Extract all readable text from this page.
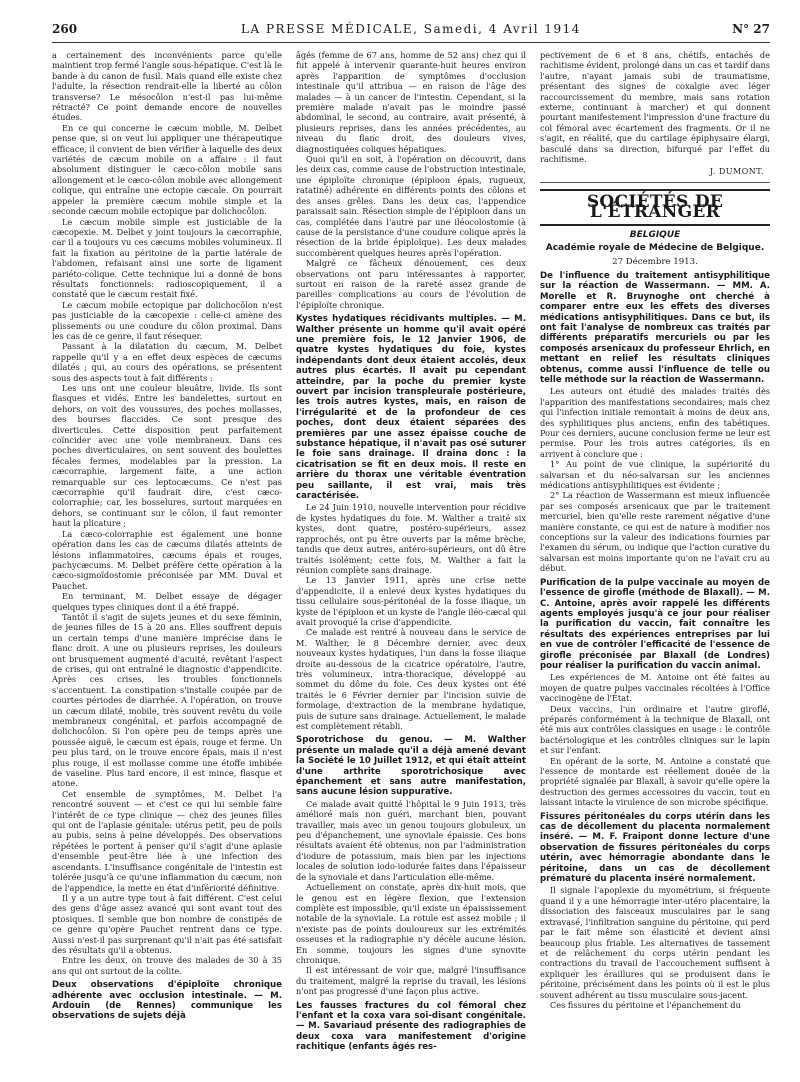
260	LA PRESSE MÉDICALE, Samedi, 4 Avril 1914	N° 27

a certainement des inconvénients parce qu'elle maintient trop fermé l'angle sous-hépatique. C'est là le bande à du canon de fusil. Mais quand elle existe chez l'adulte, la résection rendrait-elle la liberté au côlon transverse? Le mésocôlon n'est-il pas lui-même rétracté? Ce point demande encore de nouvelles études.

En ce qui concerne le cæcum mobile, M. Delbet pense que, si on veut lui appliquer une thérapeutique efficace, il convient de bien vérifier à laquelle des deux variétés de cæcum mobile on a affaire : il faut absolument distinguer le cæco-côlon mobile sans allongement et le cæco-côlon mobile avec allongement colique, qui entraîne une ectopie cæcale. On pourrait appeler la première cæcum mobile simple et la seconde cæcum mobile ectopique par dolichocôlon.

Le cæcum mobile simple est justiciable de la cæcopexie. M. Delbet y joint toujours la cæcorraphie, car il a toujours vu ces cæcums mobiles volumineux. Il fait la fixation au péritoine de la partie latérale de l'abdomen, refaisant ainsi une sorte de ligament pariéto-colique. Cette technique lui a donné de bons résultats fonctionnels: radioscopiquement, il a constaté que le cæcum restait fixé.

Le cæcum mobile ectopique par dolichocôlon n'est pas justiciable de la cæcopexie : celle-ci amène des plissements ou une coudure du côlon proximal. Dans les cas de ce genre, il faut résequer.

Passant à la dilatation du cæcum, M. Delbet rappelle qu'il y a en effet deux espèces de cæcums dilatés ; qui, au cours des opérations, se présentent sous des aspects tout à fait différents :

Les uns ont une couleur bleuâtre, livide. Ils sont flasques et vidés. Entre les bandelettes, surtout en dehors, on voit des voussures, des poches mollasses, des bourses flaccides. Ce sont presque des diverticules. Cette disposition peut parfaitement coïncider avec une voile membraneux. Dans ces poches diverticulaires, on sent souvent des boulettes fécales fermes, modelables par la pression. La cæcorraphie, largement faite, a une action remarquable sur ces leptocæcums. Ce n'est pas cæcorraphie qu'il faudrait dire, c'est cæco-colorraphie; car, les bosselures, surtout marquées en dehors, se continuant sur le côlon, il faut remonter haut la plicature ;

La cæco-colorraphie est également une bonne opération dans les cas de cæcums dilatés atteints de lésions inflammatoires, cæcums épais et rouges, pachycæcums. M. Delbet préfère cette opération à la cæco-sigmoïdostomie préconisée par MM. Duval et Pauchet.

En terminant, M. Delbet essaye de dégager quelques types cliniques dont il a été frappé.

Tantôt il s'agit de sujets jeunes et du sexe féminin, de jeunes filles de 15 à 20 ans. Elles souffrent depuis un certain temps d'une manière imprécise dans le flanc droit. A une ou plusieurs reprises, les douleurs ont brusquement augmenté d'acuité, revêtant l'aspect de crises, qui ont entraîné le diagnostic d'appendicite. Après ces crises, les troubles fonctionnels s'accentuent. La constipation s'installe coupée par de courtes périodes de diarrhée. A l'opération, on trouve un cæcum dilaté, mobile, très souvent revêtu du voile membraneux congénital, et parfois accompagné de dolichocôlon. Si l'on opère peu de temps après une poussée aiguë, le cæcum est épais, rouge et ferme. Un peu plus tard, on le trouve encore épais, mais il n'est plus rouge, il est mollasse comme une étoffe imbibée de vaseline. Plus tard encore, il est mince, flasque et atone.

Cet ensemble de symptômes, M. Delbet l'a rencontré souvent — et c'est ce qui lui semble faire l'intérêt de ce type clinique — chez des jeunes filles qui ont de l'aplasie génitale: utérus petit, peu de poils au pubis, seins à peine développés. Des observations répétées le portent à penser qu'il s'agit d'une aplasie d'ensemble peut-être liée à une infection des ascendants. L'insuffisance congénitale de l'intestin est tolérée jusqu'à ce qu'une inflammation du cæcum, non de l'appendice, la mette en état d'infériorité définitive.

Il y a un autre type tout à fait différent. C'est celui des gens d'âge assez avancé qui sont avant tout des ptosiques. Il semble que bon nombre de constipés de ce genre qu'opère Pauchet rentrent dans ce type. Aussi n'est-il pas surprenant qu'il n'ait pas été satisfait des résultats qu'il a obtenus.

Entre les deux, on trouve des malades de 30 à 35 ans qui ont surtout de la colite.

Deux observations d'épiploïte chronique adhérente avec occlusion intestinale. — M. Ardouin (de Rennes) communique les observations de sujets déjà

âgés (femme de 67 ans, homme de 52 ans) chez qui il fut appelé à intervenir quarante-huit heures environ après l'apparition de symptômes d'occlusion intestinale qu'il attribua — en raison de l'âge des malades — à un cancer de l'intestin. Cependant, si la première malade n'avait pas le moindre passé abdominal, le second, au contraire, avait présenté, à plusieurs reprises, dans les années précédentes, au niveau du flanc droit, des douleurs vives, diagnostiquées coliques hépatiques.

Quoi qu'il en soit, à l'opération on découvrit, dans les deux cas, comme cause de l'obstruction intestinale, une épiploïte chronique (épiploon épais, rugueux, ratatiné) adhérente en différents points des côlons et des anses grêles. Dans les deux cas, l'appendice paraissait sain. Résection simple de l'épiploon dans un cas, complétée dans l'autre par une iléocolostomie (à cause de la persistance d'une coudure colique après la résection de la bride épiploïque). Les deux malades succombèrent quelques heures après l'opération.

Malgré ce fâcheux dénouement, ces deux observations ont paru intéressantes à rapporter, surtout en raison de la rareté assez grande de pareilles complications au cours de l'évolution de l'épiploïte chronique.

Kystes hydatiques récidivants multiples. — M. Walther présente un homme qu'il avait opéré une première fois, le 12 Janvier 1906, de quatre kystes hydatiques du foie, kystes indépendants dont deux étaient accolés, deux autres plus écartés. Il avait pu cependant atteindre, par la poche du premier kyste ouvert par incision transpleurale postérieure, les trois autres kystes, mais, en raison de l'irrégularité et de la profondeur de ces poches, dont deux étaient séparées des premières par une assez épaisse couche de substance hépatique, il n'avait pas osé suturer le foie sans drainage. Il draina donc : la cicatrisation se fit en deux mois. Il reste en arrière du thorax une véritable éventration peu saillante, il est vrai, mais très caractérisée.

Le 24 Juin 1910, nouvelle intervention pour récidive de kystes hydatiques du foie. M. Walther a traité six kystes, dont quatre, postéro-supérieurs, assez rapprochés, ont pu être ouverts par la même brèche, tandis que deux autres, antéro-supérieurs, ont dû être traités isolément; cette fois, M. Walther a fait la réunion complète sans drainage.

Le 13 Janvier 1911, après une crise nette d'appendicite, il a enlevé deux kystes hydatiques du tissu cellulaire sous-péritonéal de la fosse iliaque, un kyste de l'épiploon et un kyste de l'angle iléo-cæcal qui avait provoqué la crise d'appendicite.

Ce malade est rentré à nouveau dans le service de M. Walther, le 8 Décembre dernier, avec deux nouveaux kystes hydatiques, l'un dans la fosse iliaque droite au-dessous de la cicatrice opératoire, l'autre, très volumineux, intra-thoracique, développé au sommet du dôme du foie. Ces deux kystes ont été traités le 6 Février dernier par l'incision suivie de formolage, d'extraction de la membrane hydatique, puis de suture sans drainage. Actuellement, le malade est complètement rétabli.

Sporotrichose du genou. — M. Walther présente un malade qu'il a déjà amené devant la Société le 10 Juillet 1912, et qui était atteint d'une arthrite sporotrichosique avec épanchement et sans autre manifestation, sans aucune lésion suppurative.

Ce malade avait quitté l'hôpital le 9 Juin 1913, très amélioré mais non guéri, marchant bien, pouvant travailler, mais avec un genou toujours globuleux, un peu d'épanchement, une synoviale épaissie. Ces bons résultats avaient été obtenus, non par l'administration d'iodure de potassium, mais bien par les injections locales de solution iodo-iodurée faites dans l'épaisseur de la synoviale et dans l'articulation elle-même.

Actuellement on constate, après dix-huit mois, que le genou est en légère flexion, que l'extension complète est impossible, qu'il existe un épaississement notable de la synoviale. La rotule est assez mobile ; il n'existe pas de points douloureux sur les extrémités osseuses et la radiographie n'y décèle aucune lésion. En somme, toujours les signes d'une synovite chronique.

Il est intéressant de voir que, malgré l'insuffisance du traitement, malgré la reprise du travail, les lésions n'ont pas progressé d'une façon plus active.

Les fausses fractures du col fémoral chez l'enfant et la coxa vara soi-disant congénitale. — M. Savariaud présente des radiographies de deux coxa vara manifestement d'origine rachitique (enfants âgés res-

pectivement de 6 et 8 ans, chétifs, entachés de rachitisme évident, prolongé dans un cas et tardif dans l'autre, n'ayant jamais subi de traumatisme, présentant des signes de coxalgie avec léger raccourcissement du membre, mais sans rotation externe, continuant à marcher) et qui donnent pourtant manifestement l'impression d'une fracture du col fémoral avec écartement des fragments. Or il ne s'agit, en réalité, que du cartilage épiphysaire élargi, basculé dans sa direction, bifurqué par l'effet du rachitisme.

J. DUMONT.
SOCIÉTÉS DE L'ÉTRANGER
BELGIQUE
Académie royale de Médecine de Belgique.
27 Décembre 1913.
De l'influence du traitement antisyphilitique sur la réaction de Wassermann. — MM. A. Morelle et R. Bruynoghe ont cherché à comparer entre eux les effets des diverses médications antisyphilitiques. Dans ce but, ils ont fait l'analyse de nombreux cas traités par différents préparatifs mercuriels ou par les composés arsenicaux du professeur Ehrlich, en mettant en relief les résultats cliniques obtenus, comme aussi l'influence de telle ou telle méthode sur la réaction de Wassermann.

Les auteurs ont étudié des malades traités dès l'apparition des manifestations secondaires, mais chez qui l'infection initiale remontait à moins de deux ans, des syphilitiques plus anciens, enfin des tabétiques. Pour ces derniers, aucune conclusion ferme ne leur est permise. Pour les trois autres catégories, ils en arrivent à conclure que :

1° Au point de vue clinique, la supériorité du salvarsan et du néo-salvarsan sur les anciennes médications antisyphilitiques est évidente ;

2° La réaction de Wassermann est mieux influencée par ses composés arsenicaux que par le traitement mercuriel, bien qu'elle reste rarement négative d'une manière constante, ce qui est de nature à modifier nos conceptions sur la valeur des indications fournies par l'examen du sérum, ou indique que l'action curative du salvarsan est moins importante qu'on ne l'avait cru au début.

Purification de la pulpe vaccinale au moyen de l'essence de girofle (méthode de Blaxall). — M. C. Antoine, après avoir rappelé les différents agents employés jusqu'à ce jour pour réaliser la purification du vaccin, fait connaître les résultats des expériences entreprises par lui en vue de contrôler l'efficacité de l'essence de girofle préconisée par Blaxall (de Londres) pour réaliser la purification du vaccin animal.

Les expériences de M. Antoine ont été faites au moyen de quatre pulpes vaccinales récoltées à l'Office vaccinogène de l'État.

Deux vaccins, l'un ordinaire et l'autre giroflé, préparés conformément à la technique de Blaxall, ont été mis aux contrôles classiques en usage : le contrôle bactériologique et les contrôles cliniques sur le lapin et sur l'enfant.

En opérant de la sorte, M. Antoine a constaté que l'essence de montarde est réellement douée de la propriété signalée par Blaxall, à savoir qu'elle opère la destruction des germes accessoires du vaccin, tout en laissant intacte la virulence de son microbe spécifique.

Fissures péritonéales du corps utérin dans les cas de décollement du placenta normalement inséré. — M. F. Fraipont donne lecture d'une observation de fissures péritonéales du corps utérin, avec hémorragie abondante dans le péritoine, dans un cas de décollement prématuré du placenta inséré normalement.

Il signale l'apoplexie du myométrium, si fréquente quand il y a une hémorragie inter-utéro placentaire, la dissociation des faisceaux musculaires par le sang extravasé, l'infiltration sanguine du péritoine, qui perd par le fait même son élasticité et devient ainsi beaucoup plus friable. Les alternatives de tassement et de relâchement du corps utérin pendant les contractions du travail de l'accouchement suffisent à expliquer les éraillures qui se produisent dans le péritoine, précisément dans les points où il est le plus souvent adhérent au tissu musculaire sous-jacent.

Ces fissures du péritoine et l'épanchement du
